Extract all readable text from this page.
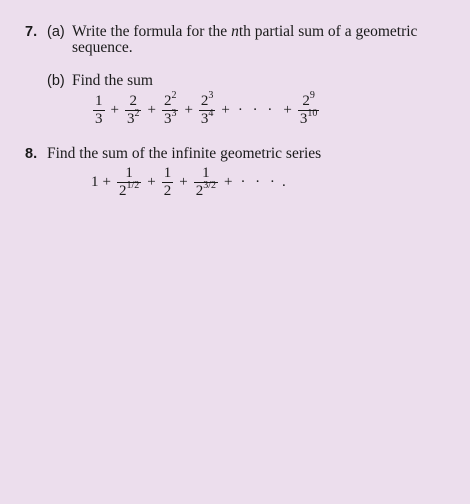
7. (a) Write the formula for the nth partial sum of a geometric
sequence.
(b) Find the sum
$\frac{1}{3} + \frac{2}{3^2} + \frac{2^2}{3^3} + \frac{2^3}{3^4}$ + · · · + $\frac{2^9}{3^{10}}$
8. Find the sum of the infinite geometric series
$1 + \frac{1}{2^{1/2}} + \frac{1}{2} + \frac{1}{2^{3/2}}$ + · · · .
